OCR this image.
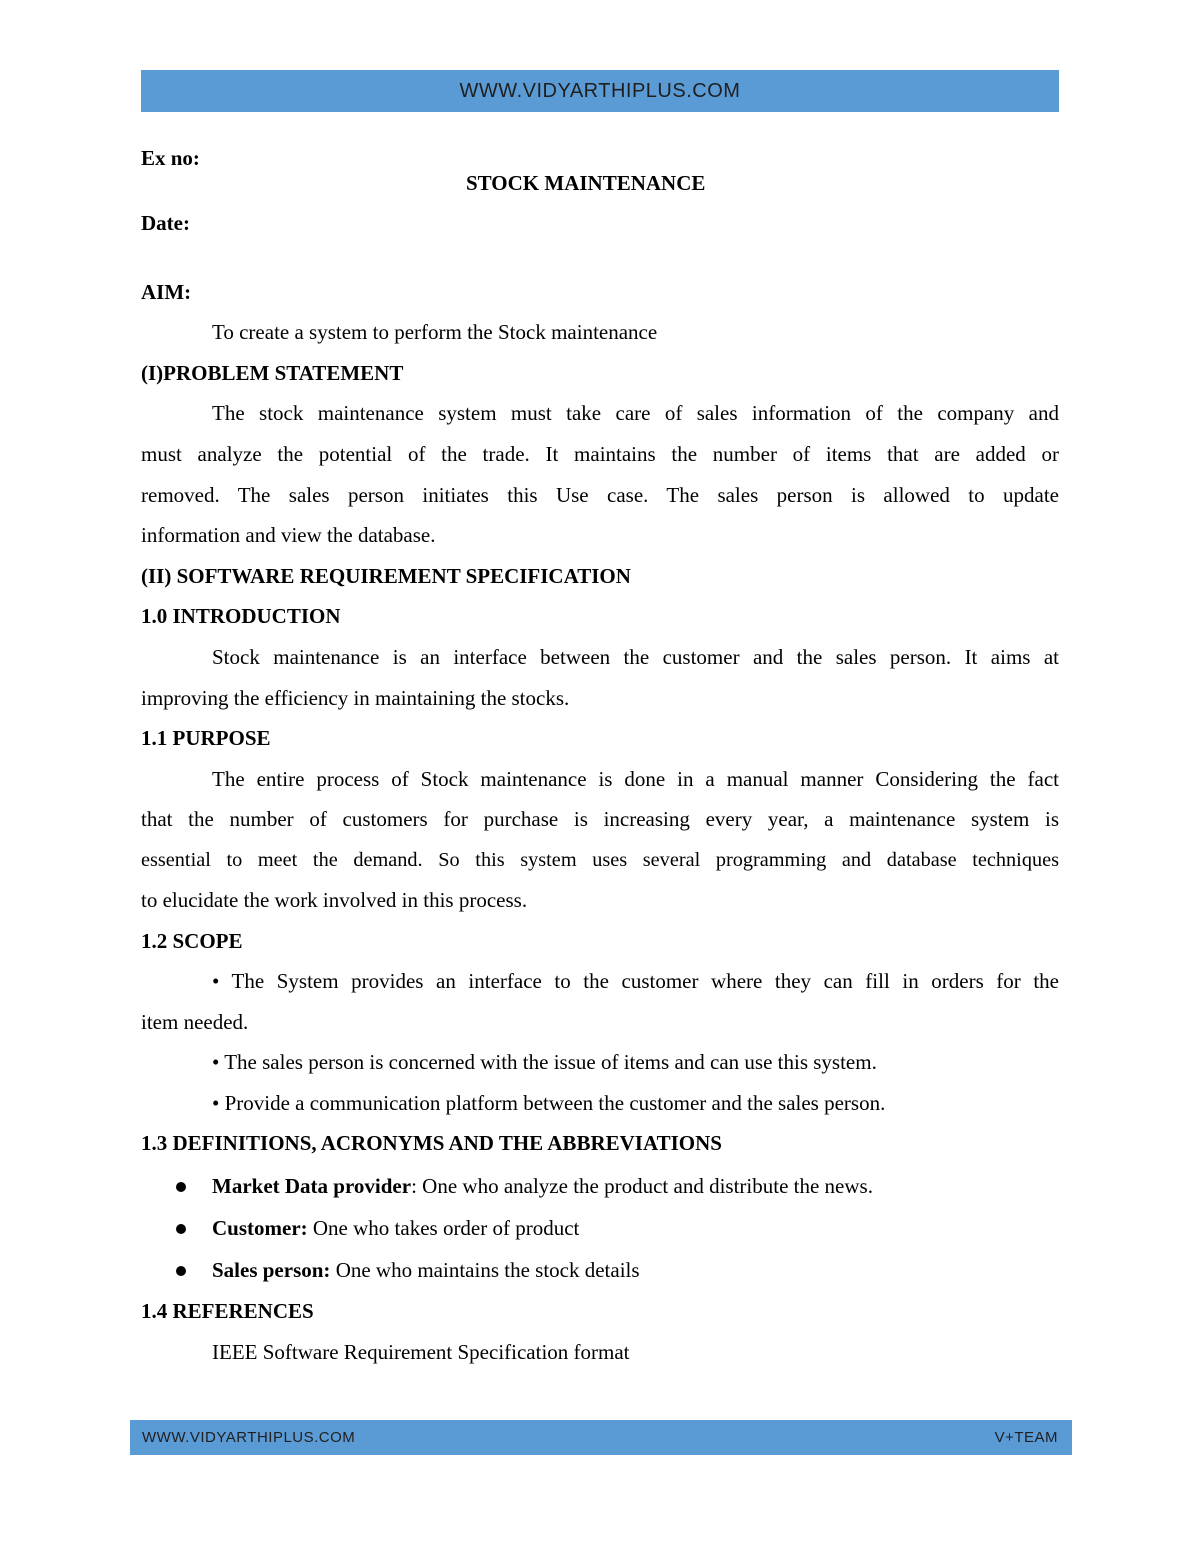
WWW.VIDYARTHIPLUS.COM
Ex no:
STOCK MAINTENANCE
Date:
AIM:
To create a system to perform the Stock maintenance
(I)PROBLEM STATEMENT
The stock maintenance system must take care of sales information of the company and
must analyze the potential of the trade. It maintains the number of items that are added or
removed. The sales person initiates this Use case. The sales person is allowed to update
information and view the database.
(II) SOFTWARE REQUIREMENT SPECIFICATION
1.0 INTRODUCTION
Stock maintenance is an interface between the customer and the sales person. It aims at
improving the efficiency in maintaining the stocks.
1.1 PURPOSE
The entire process of Stock maintenance is done in a manual manner Considering the fact
that the number of customers for purchase is increasing every year, a maintenance system is
essential to meet the demand. So this system uses several programming and database techniques
to elucidate the work involved in this process.
1.2 SCOPE
• The System provides an interface to the customer where they can fill in orders for the
item needed.
• The sales person is concerned with the issue of items and can use this system.
• Provide a communication platform between the customer and the sales person.
1.3 DEFINITIONS, ACRONYMS AND THE ABBREVIATIONS
Market Data provider: One who analyze the product and distribute the news.
Customer: One who takes order of product
Sales person: One who maintains the stock details
1.4 REFERENCES
IEEE Software Requirement Specification format
WWW.VIDYARTHIPLUS.COM	V+TEAM
